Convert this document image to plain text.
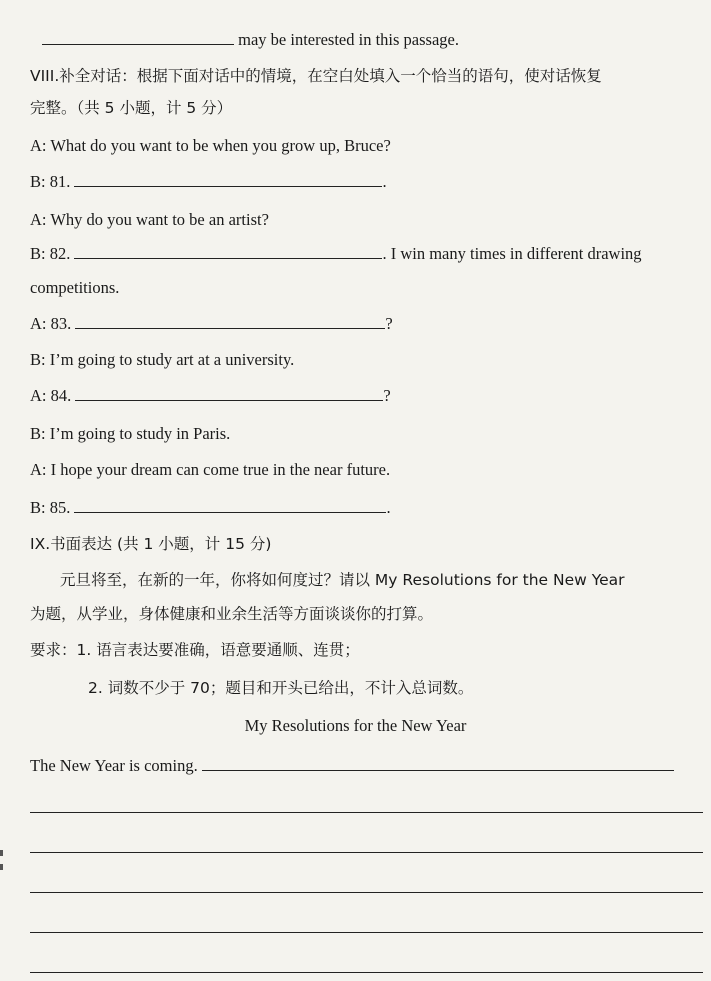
may be interested in this passage.
VIII.补全对话：根据下面对话中的情境，在空白处填入一个恰当的语句，使对话恢复
完整。（共 5 小题，计 5 分）
A: What do you want to be when you grow up, Bruce?
B: 81.	.
A: Why do you want to be an artist?
B: 82.	. I win many times in different drawing
competitions.
A: 83.	?
B: I’m going to study art at a university.
A: 84.	?
B: I’m going to study in Paris.
A: I hope your dream can come true in the near future.
B: 85.	.
IX.书面表达 (共 1 小题，计 15 分)
元旦将至，在新的一年，你将如何度过？请以 My Resolutions for the New Year
为题，从学业，身体健康和业余生活等方面谈谈你的打算。
要求：1. 语言表达要准确，语意要通顺、连贯；
2. 词数不少于 70；题目和开头已给出，不计入总词数。
My Resolutions for the New Year
The New Year is coming.
